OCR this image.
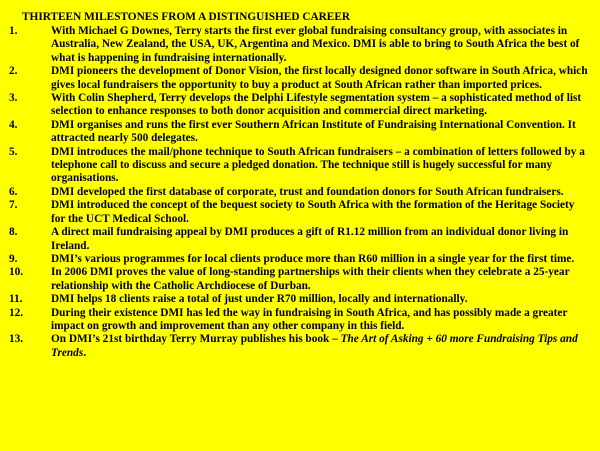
THIRTEEN MILESTONES FROM A DISTINGUISHED CAREER
1.	With Michael G Downes, Terry starts the first ever global fundraising consultancy group, with associates in Australia, New Zealand, the USA, UK, Argentina and Mexico. DMI is able to bring to South Africa the best of what is happening in fundraising internationally.
2.	DMI pioneers the development of Donor Vision, the first locally designed donor software in South Africa, which gives local fundraisers the opportunity to buy a product at South African rather than imported prices.
3.	With Colin Shepherd, Terry develops the Delphi Lifestyle segmentation system – a sophisticated method of list selection to enhance responses to both donor acquisition and commercial direct marketing.
4.	DMI organises and runs the first ever Southern African Institute of Fundraising International Convention. It attracted nearly 500 delegates.
5.	DMI introduces the mail/phone technique to South African fundraisers – a combination of letters followed by a telephone call to discuss and secure a pledged donation. The technique still is hugely successful for many organisations.
6.	DMI developed the first database of corporate, trust and foundation donors for South African fundraisers.
7.	DMI introduced the concept of the bequest society to South Africa with the formation of the Heritage Society for the UCT Medical School.
8.	A direct mail fundraising appeal by DMI produces a gift of R1.12 million from an individual donor living in Ireland.
9.	DMI’s various programmes for local clients produce more than R60 million in a single year for the first time.
10.	In 2006 DMI proves the value of long-standing partnerships with their clients when they celebrate a 25-year relationship with the Catholic Archdiocese of Durban.
11.	DMI helps 18 clients raise a total of just under R70 million, locally and internationally.
12.	During their existence DMI has led the way in fundraising in South Africa, and has possibly made a greater impact on growth and improvement than any other company in this field.
13.	On DMI’s 21st birthday Terry Murray publishes his book – The Art of Asking + 60 more Fundraising Tips and Trends.
